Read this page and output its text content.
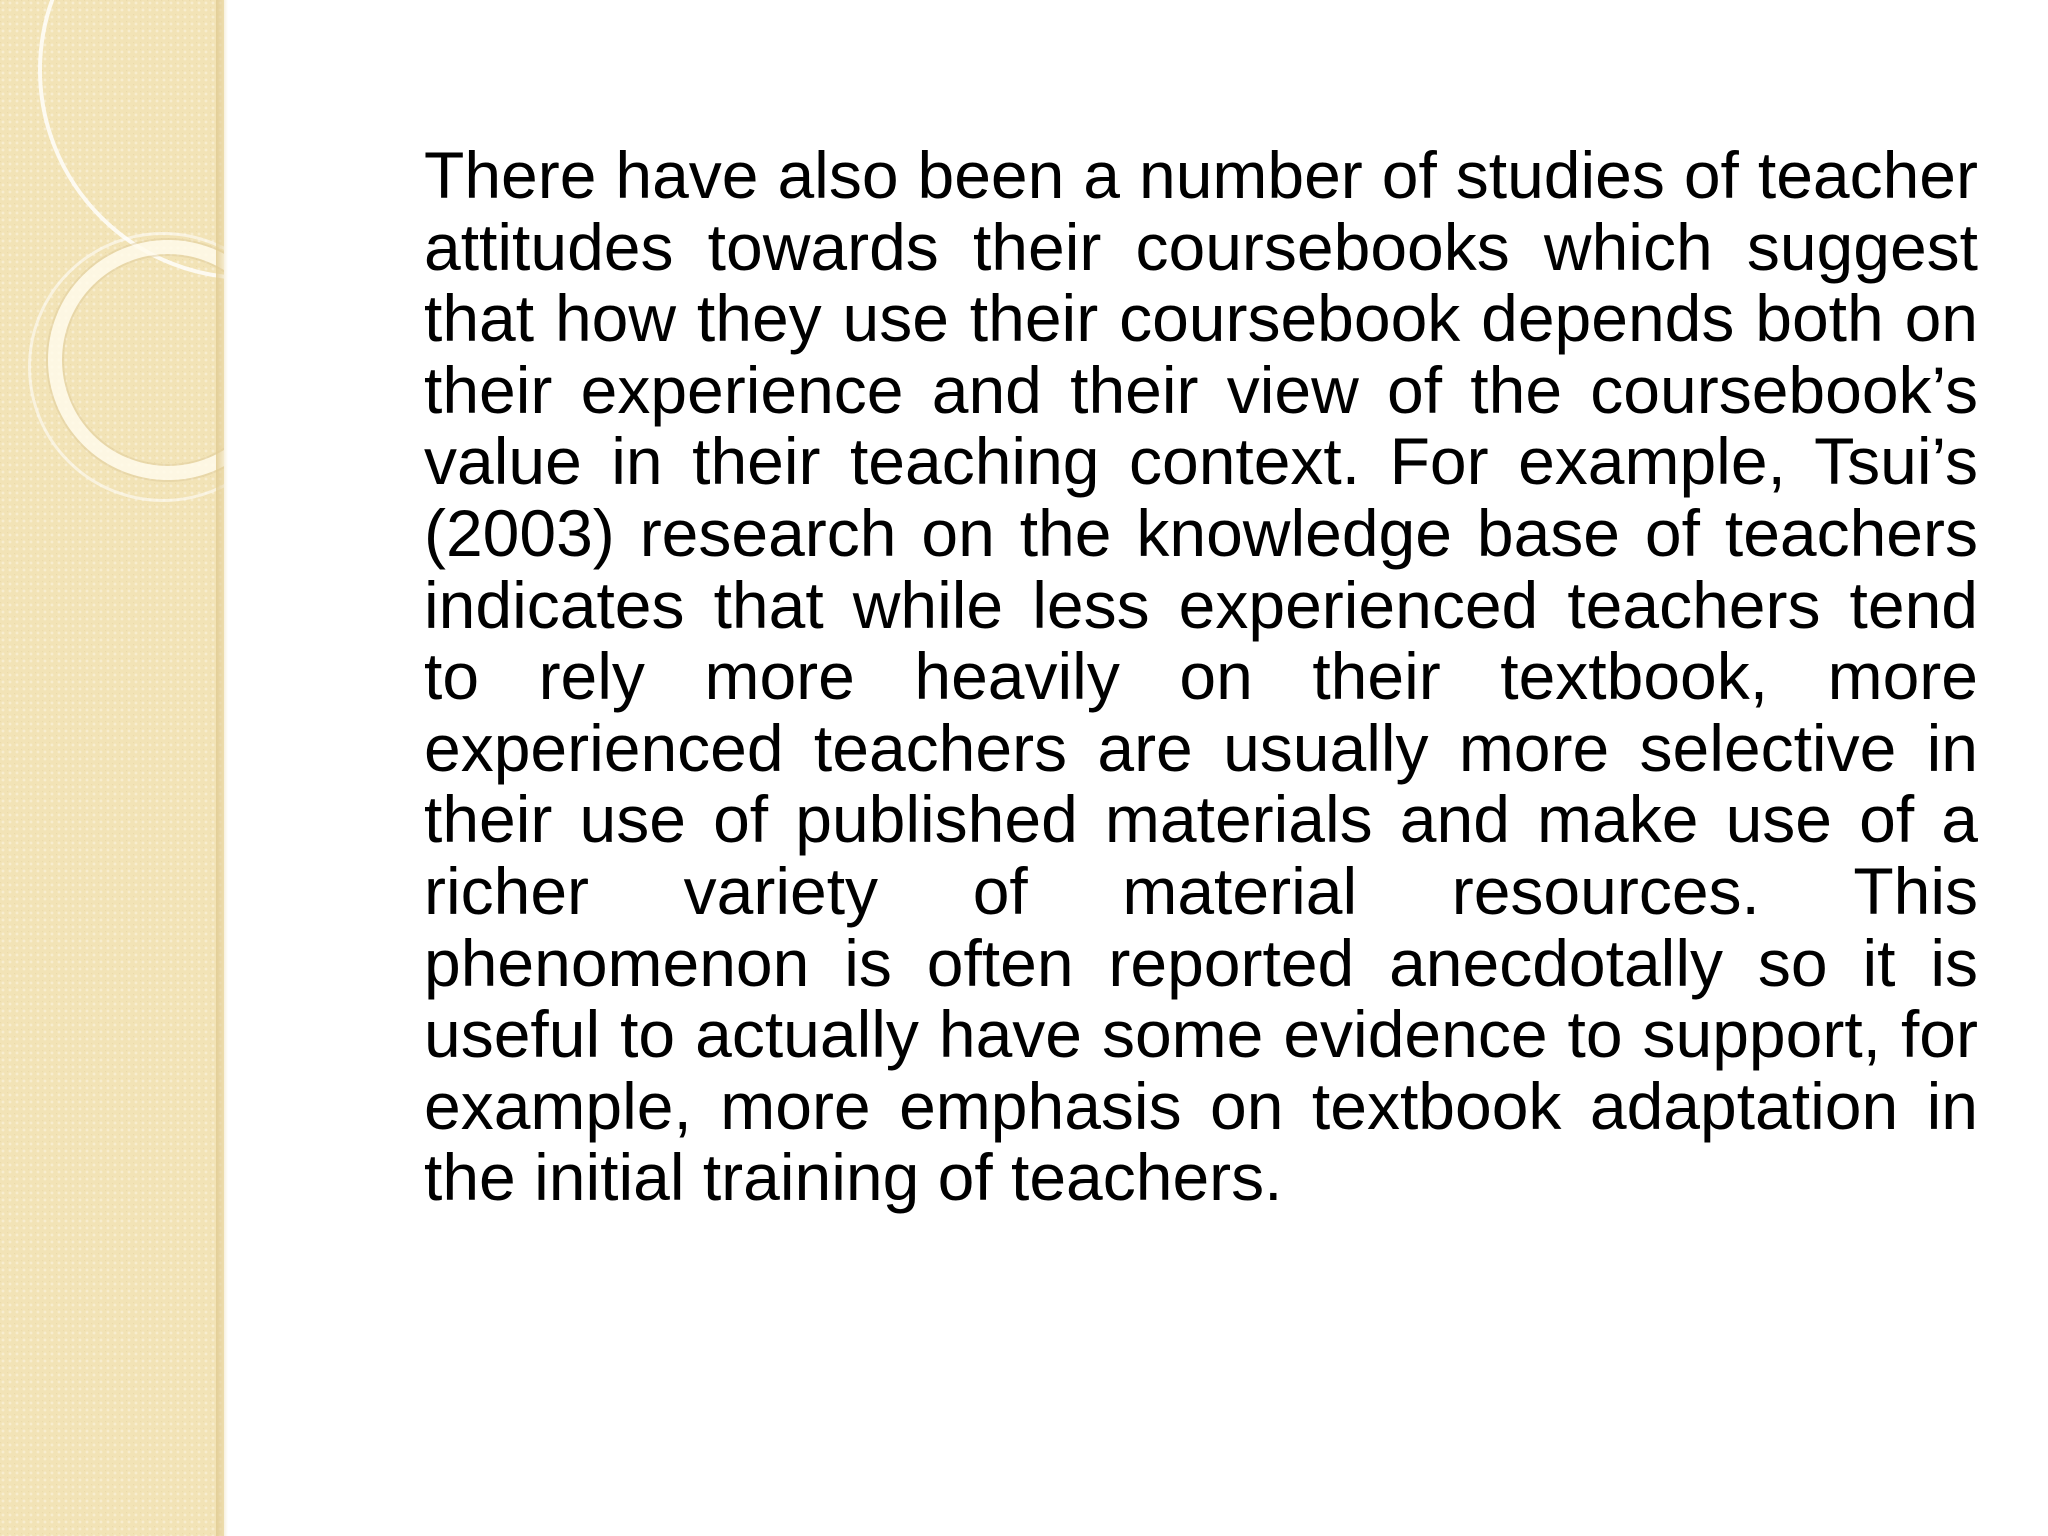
There have also been a number of studies of teacher attitudes towards their coursebooks which suggest that how they use their coursebook depends both on their experience and their view of the coursebook’s value in their teaching context. For example, Tsui’s (2003) research on the knowledge base of teachers indicates that while less experienced teachers tend to rely more heavily on their textbook, more experienced teachers are usually more selective in their use of published materials and make use of a richer variety of material resources. This phenomenon is often reported anecdotally so it is useful to actually have some evidence to support, for example, more emphasis on textbook adaptation in the initial training of teachers.
